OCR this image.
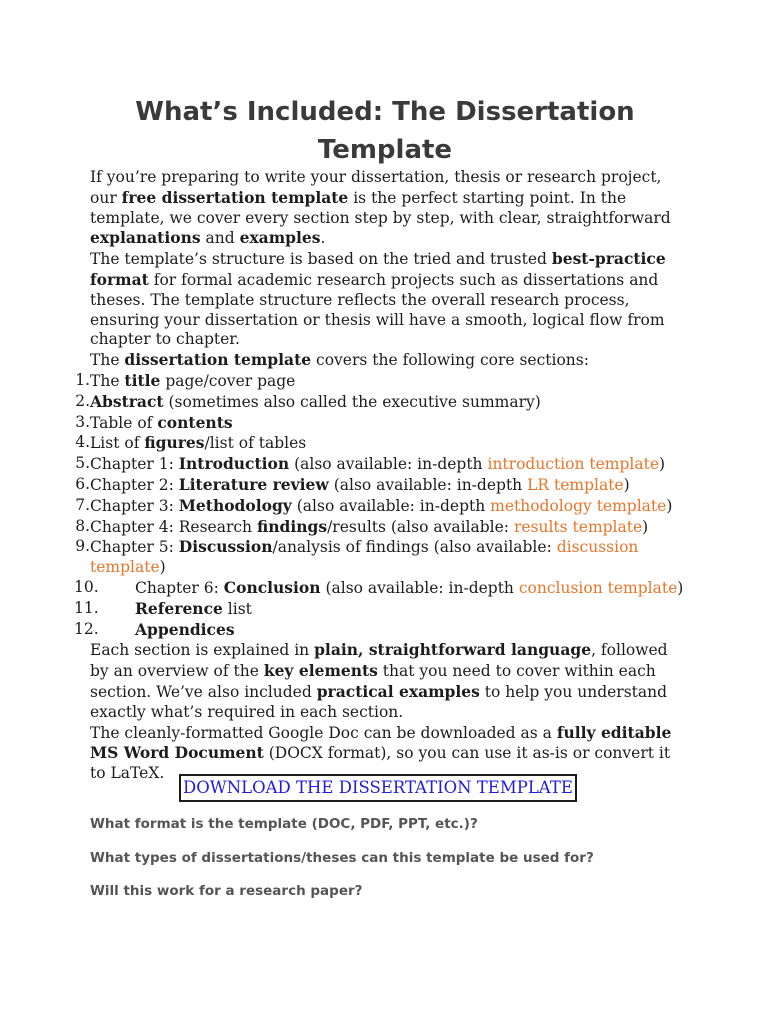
What’s Included: The Dissertation Template

If you’re preparing to write your dissertation, thesis or research project, our free dissertation template is the perfect starting point. In the template, we cover every section step by step, with clear, straightforward explanations and examples.

The template’s structure is based on the tried and trusted best-practice format for formal academic research projects such as dissertations and theses. The template structure reflects the overall research process, ensuring your dissertation or thesis will have a smooth, logical flow from chapter to chapter.

The dissertation template covers the following core sections:

1. The title page/cover page
2. Abstract (sometimes also called the executive summary)
3. Table of contents
4. List of figures/list of tables
5. Chapter 1: Introduction (also available: in-depth introduction template)
6. Chapter 2: Literature review (also available: in-depth LR template)
7. Chapter 3: Methodology (also available: in-depth methodology template)
8. Chapter 4: Research findings/results (also available: results template)
9. Chapter 5: Discussion/analysis of findings (also available: discussion template)
10.	Chapter 6: Conclusion (also available: in-depth conclusion template)
11.	Reference list
12.	Appendices

Each section is explained in plain, straightforward language, followed by an overview of the key elements that you need to cover within each section. We’ve also included practical examples to help you understand exactly what’s required in each section.

The cleanly-formatted Google Doc can be downloaded as a fully editable MS Word Document (DOCX format), so you can use it as-is or convert it to LaTeX.

DOWNLOAD THE DISSERTATION TEMPLATE
What format is the template (DOC, PDF, PPT, etc.)?
What types of dissertations/theses can this template be used for?
Will this work for a research paper?
